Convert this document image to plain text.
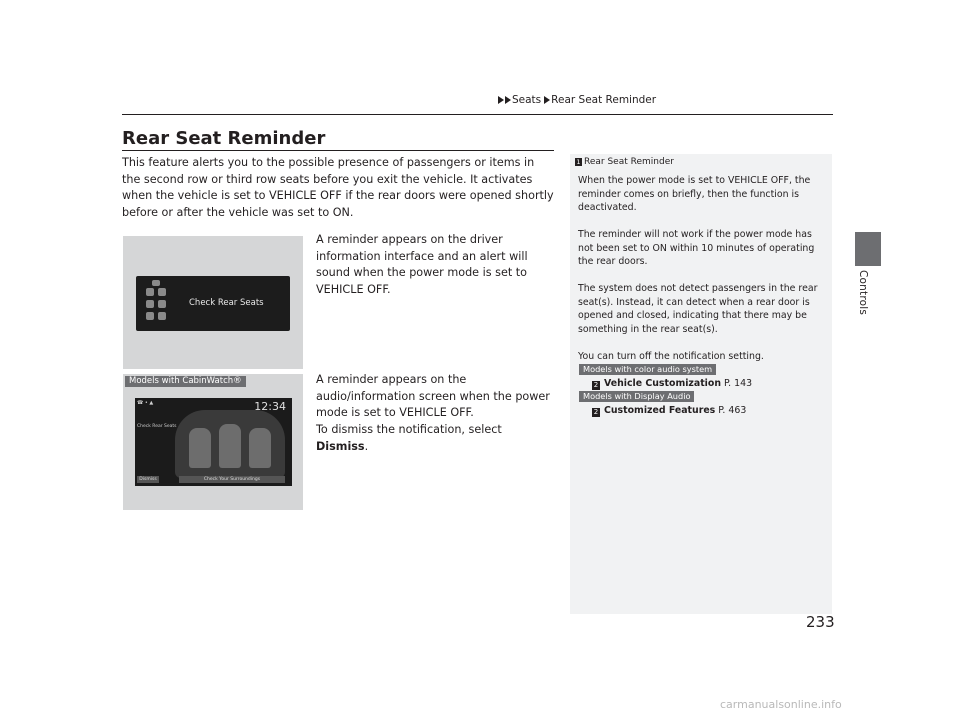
Seats Rear Seat Reminder
Controls
Rear Seat Reminder
This feature alerts you to the possible presence of passengers or items in the second row or third row seats before you exit the vehicle. It activates when the vehicle is set to VEHICLE OFF if the rear doors were opened shortly before or after the vehicle was set to ON.
Check Rear Seats
A reminder appears on the driver information interface and an alert will sound when the power mode is set to VEHICLE OFF.
Models with CabinWatch®
☎ • ▲	12:34
Check Rear Seats
Dismiss	Check Your Surroundings
A reminder appears on the audio/information screen when the power mode is set to VEHICLE OFF.
To dismiss the notification, select Dismiss.
1 Rear Seat Reminder

When the power mode is set to VEHICLE OFF, the reminder comes on briefly, then the function is deactivated.

The reminder will not work if the power mode has not been set to ON within 10 minutes of operating the rear doors.

The system does not detect passengers in the rear seat(s). Instead, it can detect when a rear door is opened and closed, indicating that there may be something in the rear seat(s).

You can turn off the notification setting.

Models with color audio system
2 Vehicle Customization P. 143
Models with Display Audio
2 Customized Features P. 463
233
carmanualsonline.info
